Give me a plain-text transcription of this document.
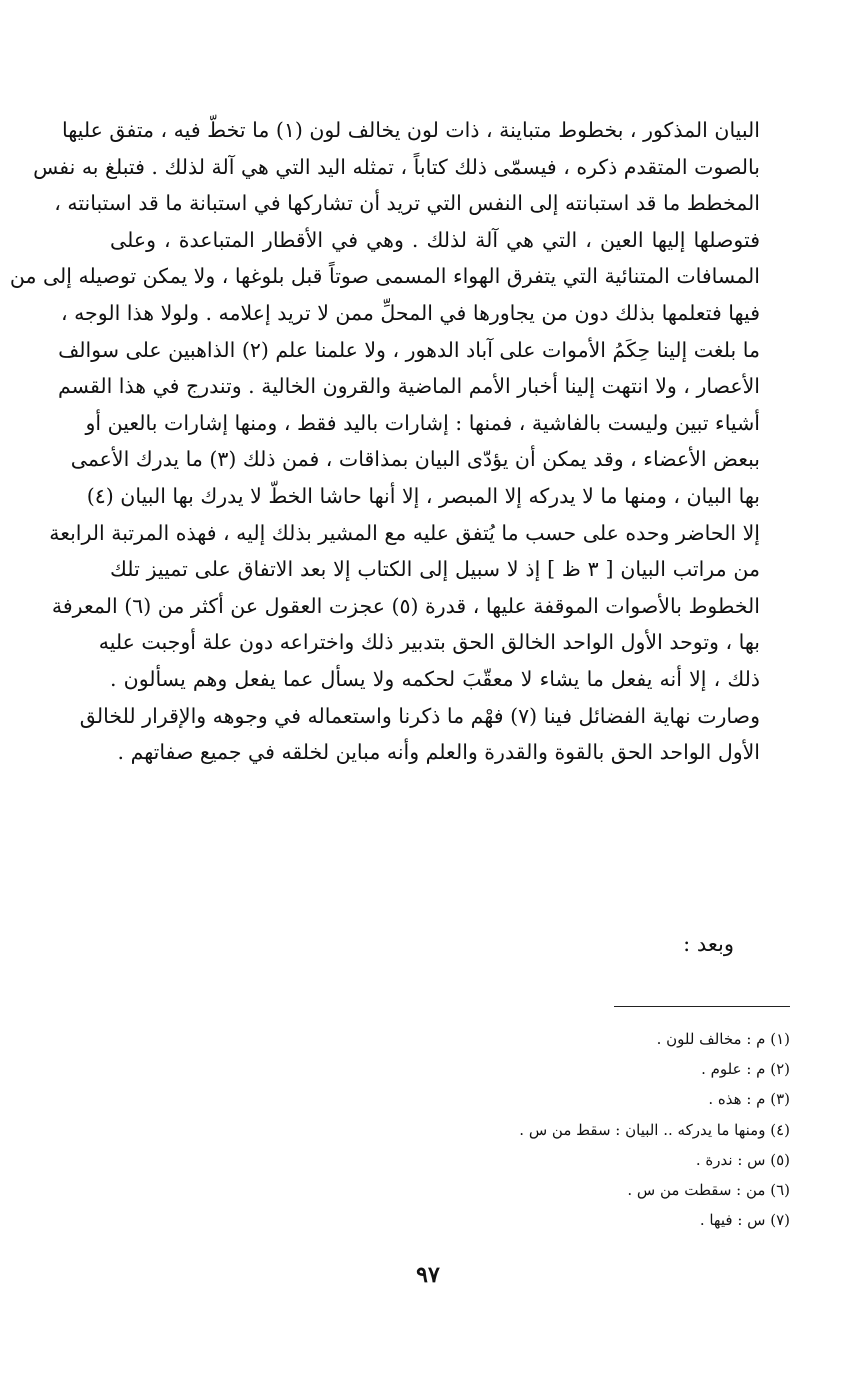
البيان المذكور ، بخطوط متباينة ، ذات لون يخالف لون (١) ما تخطّ فيه ، متفق عليها
بالصوت المتقدم ذكره ، فيسمّى ذلك كتاباً ، تمثله اليد التي هي آلة لذلك . فتبلغ به نفس
المخطط ما قد استبانته إلى النفس التي تريد أن تشاركها في استبانة ما قد استبانته ،
فتوصلها إليها العين ، التي هي آلة لذلك . وهي في الأقطار المتباعدة ، وعلى
المسافات المتنائية التي يتفرق الهواء المسمى صوتاً قبل بلوغها ، ولا يمكن توصيله إلى من
فيها فتعلمها بذلك دون من يجاورها في المحلِّ ممن لا تريد إعلامه . ولولا هذا الوجه ،
ما بلغت إلينا حِكَمُ الأموات على آباد الدهور ، ولا علمنا علم (٢) الذاهبين على سوالف
الأعصار ، ولا انتهت إلينا أخبار الأمم الماضية والقرون الخالية . وتندرج في هذا القسم
أشياء تبين وليست بالفاشية ، فمنها : إشارات باليد فقط ، ومنها إشارات بالعين أو
ببعض الأعضاء ، وقد يمكن أن يؤدّى البيان بمذاقات ، فمن ذلك (٣) ما يدرك الأعمى
بها البيان ، ومنها ما لا يدركه إلا المبصر ، إلا أنها حاشا الخطّ لا يدرك بها البيان (٤)
إلا الحاضر وحده على حسب ما يُتفق عليه مع المشير بذلك إليه ، فهذه المرتبة الرابعة
من مراتب البيان [ ٣ ظ ] إذ لا سبيل إلى الكتاب إلا بعد الاتفاق على تمييز تلك
الخطوط بالأصوات الموقفة عليها ، قدرة (٥) عجزت العقول عن أكثر من (٦) المعرفة
بها ، وتوحد الأول الواحد الخالق الحق بتدبير ذلك واختراعه دون علة أوجبت عليه
ذلك ، إلا أنه يفعل ما يشاء لا معقّبَ لحكمه ولا يسأل عما يفعل وهم يسألون .
وصارت نهاية الفضائل فينا (٧) فهْم ما ذكرنا واستعماله في وجوهه والإقرار للخالق
الأول الواحد الحق بالقوة والقدرة والعلم وأنه مباين لخلقه في جميع صفاتهم .
وبعد :
(١) م : مخالف للون .
(٢) م : علوم .
(٣) م : هذه .
(٤) ومنها ما يدركه .. البيان : سقط من س .
(٥) س : ندرة .
(٦) من : سقطت من س .
(٧) س : فيها .
٩٧
